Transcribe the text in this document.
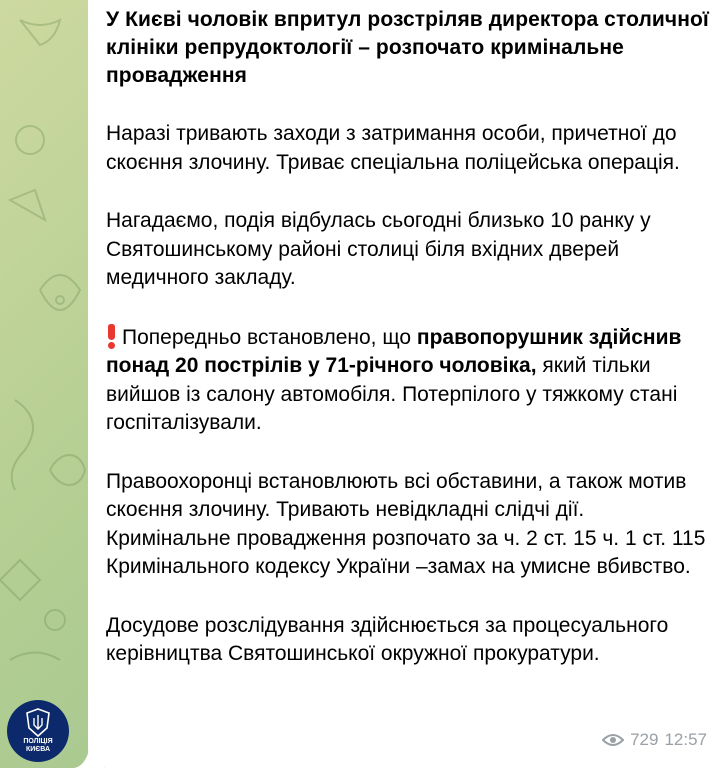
У Києві чоловік впритул розстріляв директора столичної клініки репрудоктології – розпочато кримінальне провадження

Наразі тривають заходи з затримання особи, причетної до скоєння злочину. Триває спеціальна поліцейська операція.

Нагадаємо, подія відбулась сьогодні близько 10 ранку у Святошинському районі столиці біля вхідних дверей медичного закладу.

Попередньо встановлено, що правопорушник здійснив понад 20 пострілів у 71-річного чоловіка, який тільки вийшов із салону автомобіля. Потерпілого у тяжкому стані госпіталізували.

Правоохоронці встановлюють всі обставини, а також мотив скоєння злочину. Тривають невідкладні слідчі дії. Кримінальне провадження розпочато за ч. 2 ст. 15 ч. 1 ст. 115 Кримінального кодексу України –замах на умисне вбивство.

Досудове розслідування здійснюється за процесуального керівництва Святошинської окружної прокуратури.

729 12:57
ПОЛІЦІЯ
КИЄВА
